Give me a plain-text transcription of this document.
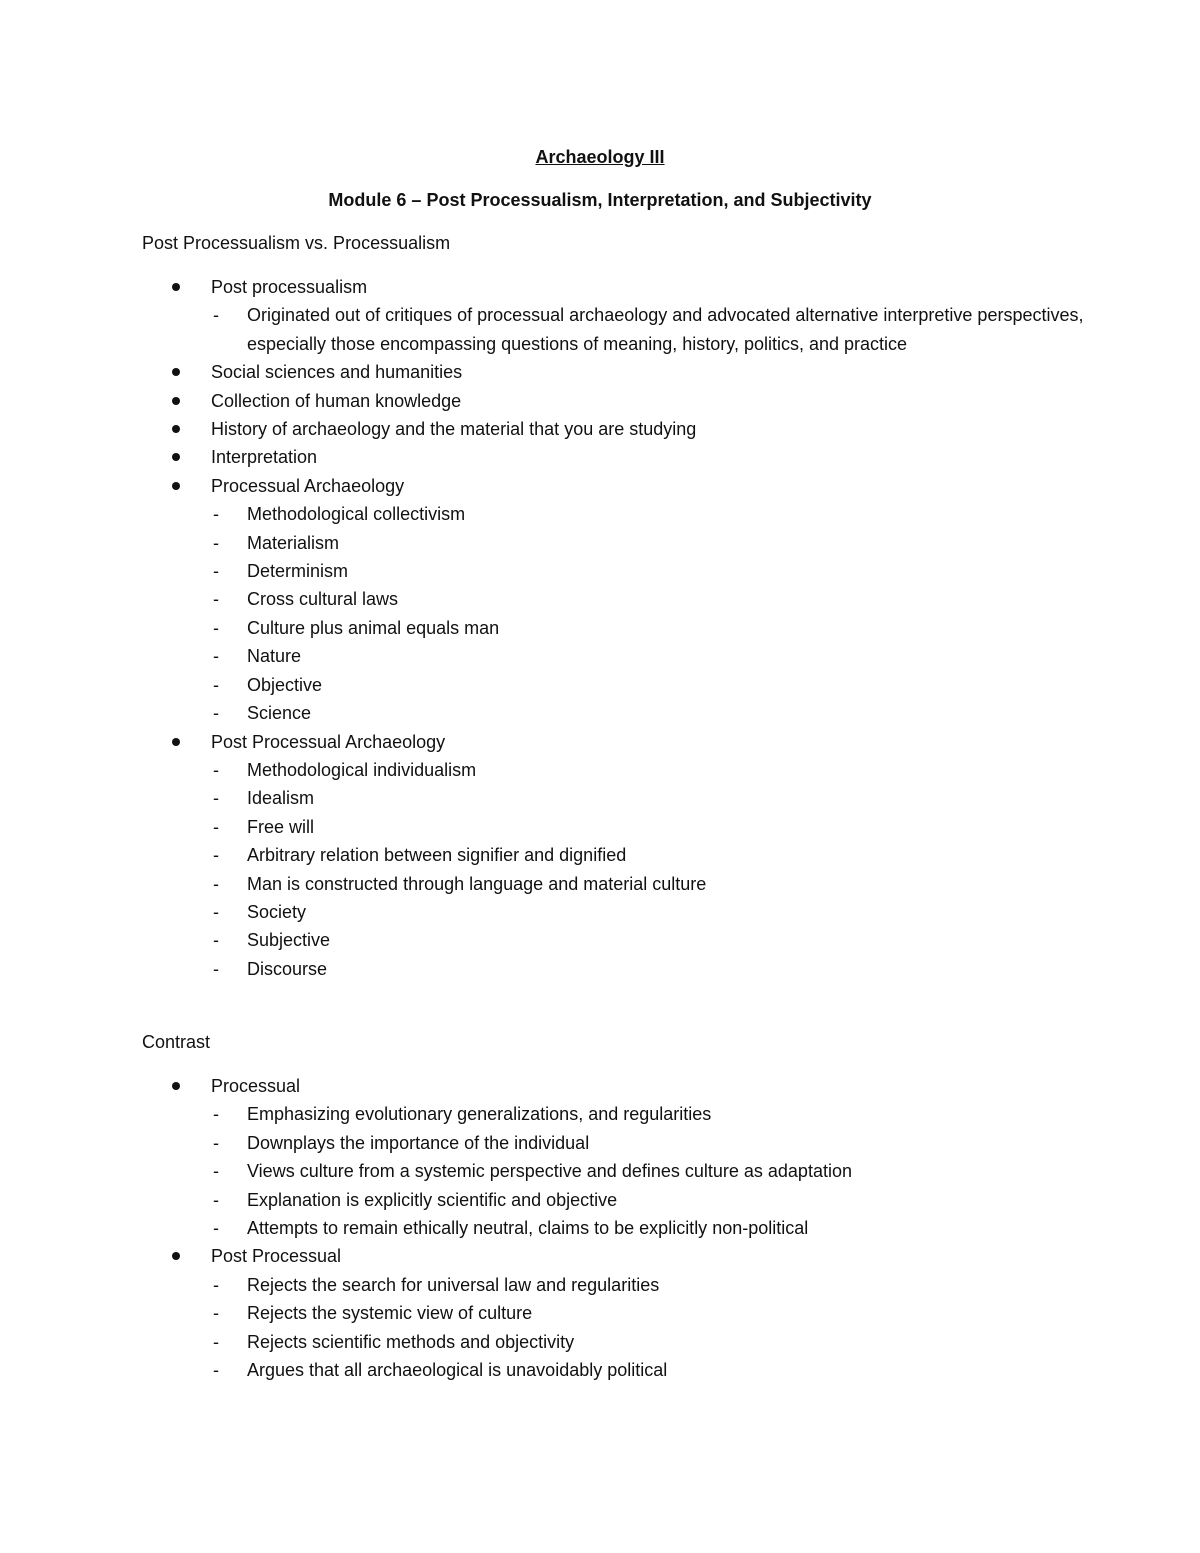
Archaeology III
Module 6 – Post Processualism, Interpretation, and Subjectivity

Post Processualism vs. Processualism

Post processualism
- Originated out of critiques of processual archaeology and advocated alternative interpretive perspectives, especially those encompassing questions of meaning, history, politics, and practice
Social sciences and humanities
Collection of human knowledge
History of archaeology and the material that you are studying
Interpretation
Processual Archaeology
- Methodological collectivism
- Materialism
- Determinism
- Cross cultural laws
- Culture plus animal equals man
- Nature
- Objective
- Science
Post Processual Archaeology
- Methodological individualism
- Idealism
- Free will
- Arbitrary relation between signifier and dignified
- Man is constructed through language and material culture
- Society
- Subjective
- Discourse

Contrast

Processual
- Emphasizing evolutionary generalizations, and regularities
- Downplays the importance of the individual
- Views culture from a systemic perspective and defines culture as adaptation
- Explanation is explicitly scientific and objective
- Attempts to remain ethically neutral, claims to be explicitly non-political
Post Processual
- Rejects the search for universal law and regularities
- Rejects the systemic view of culture
- Rejects scientific methods and objectivity
- Argues that all archaeological is unavoidably political
